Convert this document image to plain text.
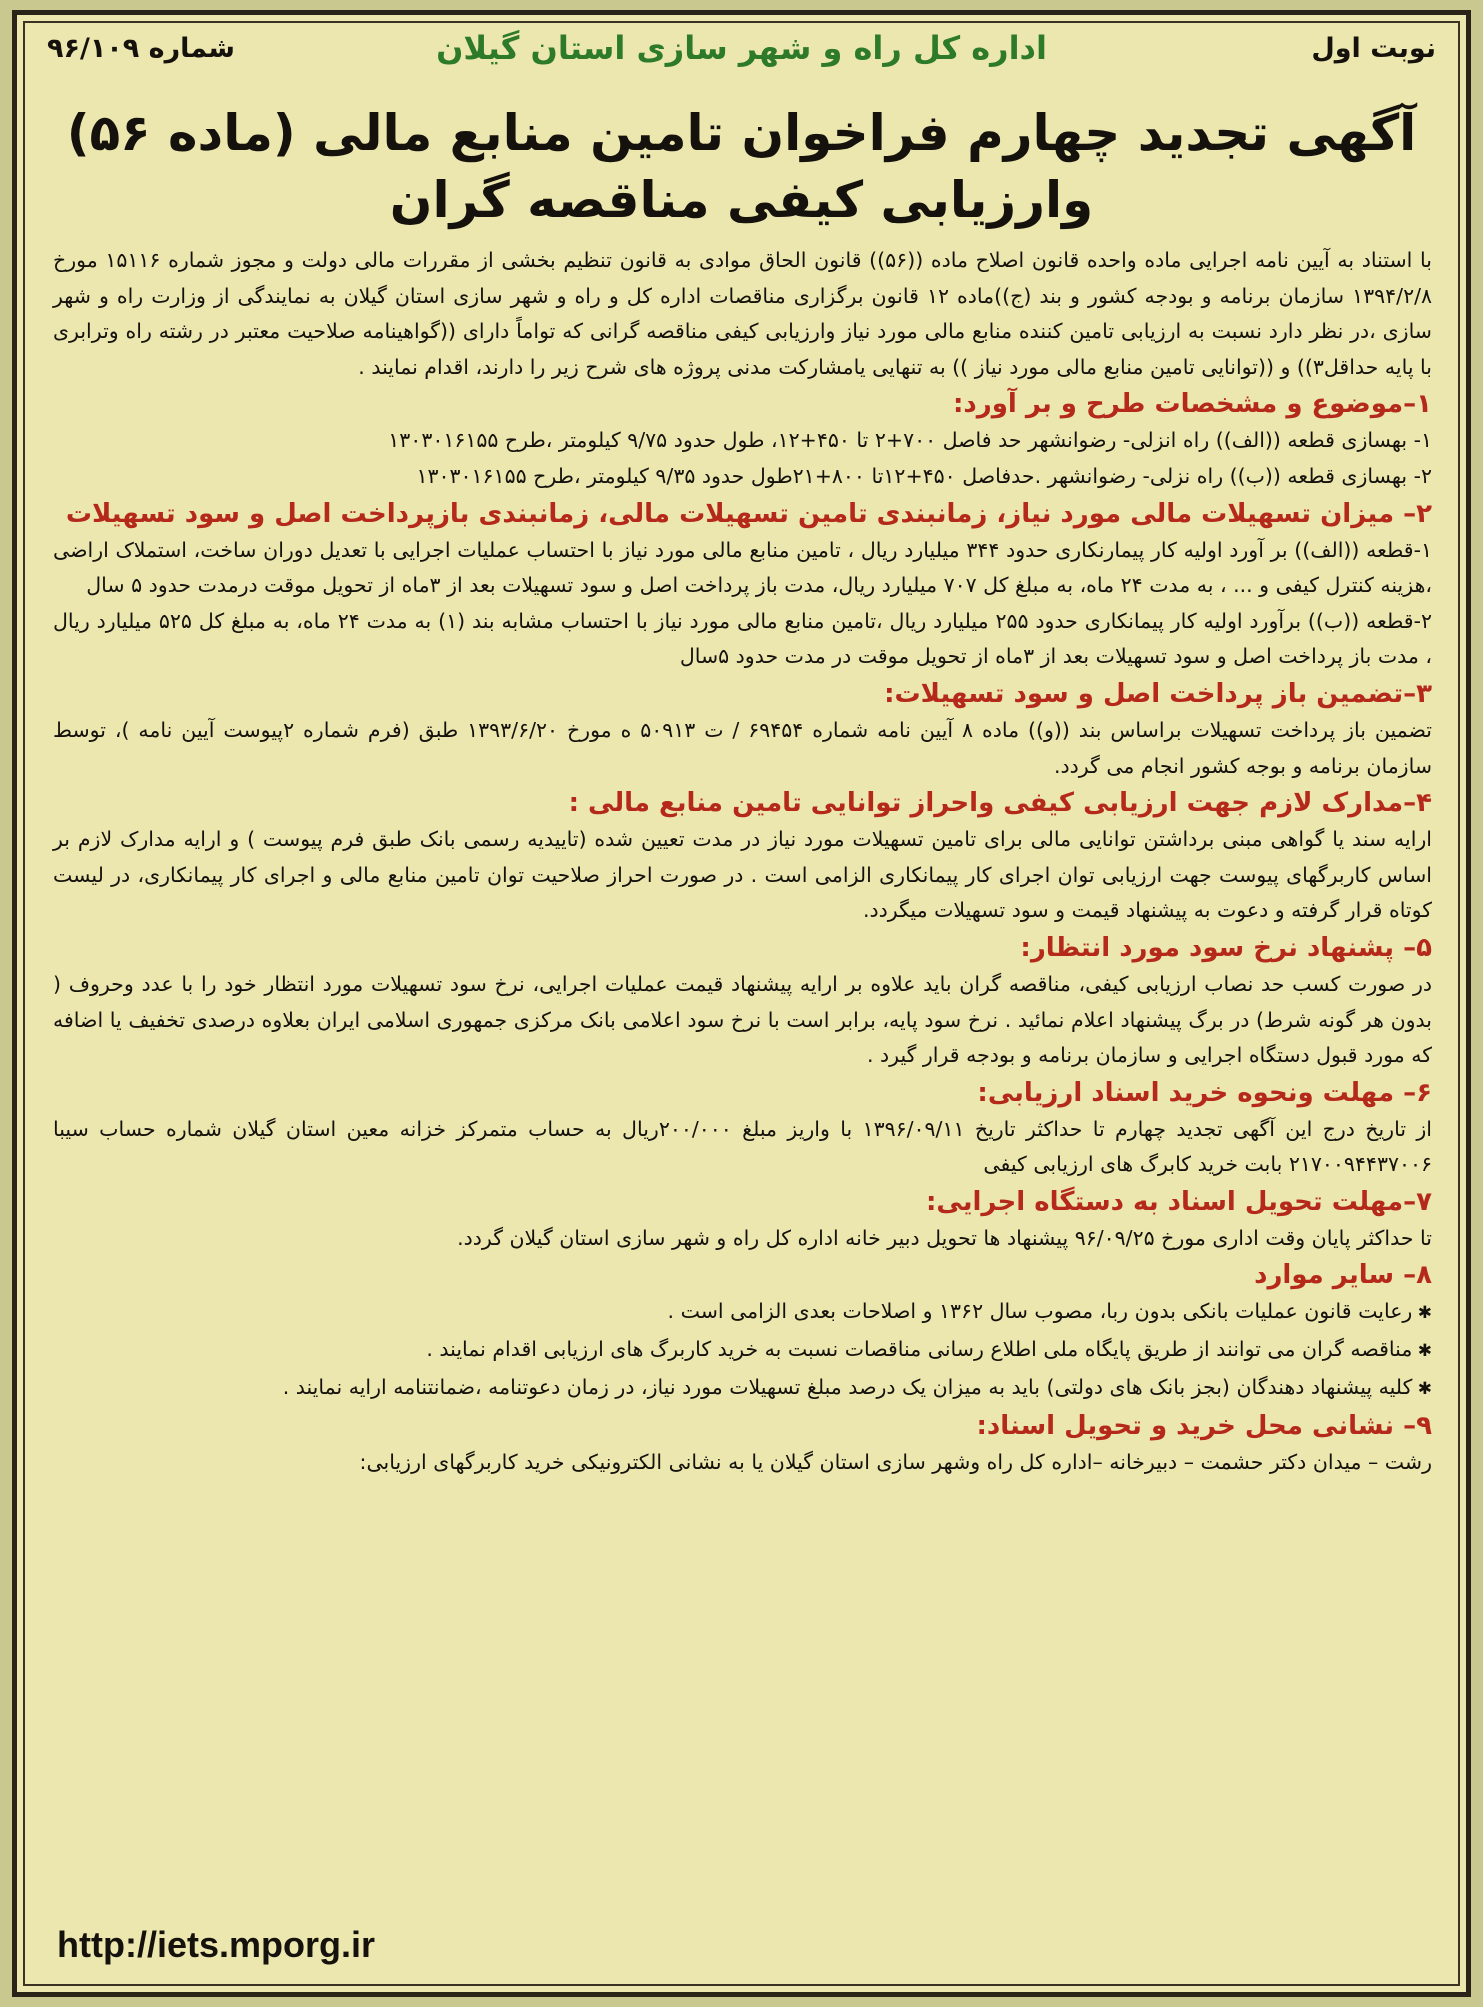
نوبت اول
اداره کل راه و شهر سازی استان گیلان
شماره ۹۶/۱۰۹
آگهی تجدید چهارم فراخوان تامین منابع مالی (ماده ۵۶)
وارزیابی کیفی مناقصه گران

با استناد به آیین نامه اجرایی ماده واحده قانون اصلاح ماده ((۵۶)) قانون الحاق موادی به قانون تنظیم بخشی از مقررات مالی دولت و مجوز شماره ۱۵۱۱۶ مورخ ۱۳۹۴/۲/۸ سازمان برنامه و بودجه کشور و بند (ج))ماده ۱۲ قانون برگزاری مناقصات اداره کل و راه و شهر سازی استان گیلان به نمایندگی از وزارت راه و شهر سازی ،در نظر دارد نسبت به ارزیابی تامین کننده منابع مالی مورد نیاز وارزیابی کیفی مناقصه گرانی که تواماً دارای ((گواهینامه صلاحیت معتبر در رشته راه وترابری با پایه حداقل۳)) و ((توانایی تامین منابع مالی مورد نیاز )) به تنهایی یامشارکت مدنی پروژه های شرح زیر را دارند، اقدام نمایند .

۱–موضوع و مشخصات طرح و بر آورد:

۱- بهسازی قطعه ((الف)) راه انزلی- رضوانشهر حد فاصل ۷۰۰+۲ تا ۴۵۰+۱۲، طول حدود ۹/۷۵ کیلومتر ،طرح ۱۳۰۳۰۱۶۱۵۵

۲- بهسازی قطعه ((ب)) راه نزلی- رضوانشهر .حدفاصل ۴۵۰+۱۲تا ۸۰۰+۲۱طول حدود ۹/۳۵ کیلومتر ،طرح ۱۳۰۳۰۱۶۱۵۵

۲– میزان تسهیلات مالی مورد نیاز، زمانبندی تامین تسهیلات مالی، زمانبندی بازپرداخت اصل و سود تسهیلات

۱-قطعه ((الف)) بر آورد اولیه کار پیمارنکاری حدود ۳۴۴ میلیارد ریال ، تامین منابع مالی مورد نیاز با احتساب عملیات اجرایی با تعدیل دوران ساخت، استملاک اراضی ،هزینه کنترل کیفی و ... ، به مدت ۲۴ ماه، به مبلغ کل ۷۰۷ میلیارد ریال، مدت باز پرداخت اصل و سود تسهیلات بعد از ۳ماه از تحویل موقت درمدت حدود ۵ سال

۲-قطعه ((ب)) برآورد اولیه کار پیمانکاری حدود ۲۵۵ میلیارد ریال ،تامین منابع مالی مورد نیاز با احتساب مشابه بند (۱) به مدت ۲۴ ماه، به مبلغ کل ۵۲۵ میلیارد ریال ، مدت باز پرداخت اصل و سود تسهیلات بعد از ۳ماه از تحویل موقت در مدت حدود ۵سال

۳–تضمین باز پرداخت اصل و سود تسهیلات:

تضمین باز پرداخت تسهیلات براساس بند ((و)) ماده ۸ آیین نامه شماره ۶۹۴۵۴ / ت ۵۰۹۱۳ ه مورخ ۱۳۹۳/۶/۲۰ طبق (فرم شماره ۲پیوست آیین نامه )، توسط سازمان برنامه و بوجه کشور انجام می گردد.

۴–مدارک لازم جهت ارزیابی کیفی واحراز توانایی تامین منابع مالی :

ارایه سند یا گواهی مبنی برداشتن توانایی مالی برای تامین تسهیلات مورد نیاز در مدت تعیین شده (تاییدیه رسمی بانک طبق فرم پیوست ) و ارایه مدارک لازم بر اساس کاربرگهای پیوست جهت ارزیابی توان اجرای کار پیمانکاری الزامی است . در صورت احراز صلاحیت توان تامین منابع مالی و اجرای کار پیمانکاری، در لیست کوتاه قرار گرفته و دعوت به پیشنهاد قیمت و سود تسهیلات میگردد.

۵– پشنهاد نرخ سود مورد انتظار:

در صورت کسب حد نصاب ارزیابی کیفی، مناقصه گران باید علاوه بر ارایه پیشنهاد قیمت عملیات اجرایی، نرخ سود تسهیلات مورد انتظار خود را با عدد وحروف ( بدون هر گونه شرط) در برگ پیشنهاد اعلام نمائید . نرخ سود پایه، برابر است با نرخ سود اعلامی بانک مرکزی جمهوری اسلامی ایران بعلاوه درصدی تخفیف یا اضافه که مورد قبول دستگاه اجرایی و سازمان برنامه و بودجه قرار گیرد .

۶– مهلت ونحوه خرید اسناد ارزیابی:

از تاریخ درج این آگهی تجدید چهارم تا حداکثر تاریخ ۱۳۹۶/۰۹/۱۱ با واریز مبلغ ۲۰۰/۰۰۰ریال به حساب متمرکز خزانه معین استان گیلان شماره حساب سیبا ۲۱۷۰۰۹۴۴۳۷۰۰۶ بابت خرید کابرگ های ارزیابی کیفی

۷–مهلت تحویل اسناد به دستگاه اجرایی:

تا حداکثر پایان وقت اداری مورخ ۹۶/۰۹/۲۵ پیشنهاد ها تحویل دبیر خانه اداره کل راه و شهر سازی استان گیلان گردد.

۸– سایر موارد

✱ رعایت قانون عملیات بانکی بدون ربا، مصوب سال ۱۳۶۲ و اصلاحات بعدی الزامی است .

✱ مناقصه گران می توانند از طریق پایگاه ملی اطلاع رسانی مناقصات نسبت به خرید کاربرگ های ارزیابی اقدام نمایند .

✱ کلیه پیشنهاد دهندگان (بجز بانک های دولتی) باید به میزان یک درصد مبلغ تسهیلات مورد نیاز، در زمان دعوتنامه ،ضمانتنامه ارایه نمایند .

۹– نشانی محل خرید و تحویل اسناد:

رشت – میدان دکتر حشمت – دبیرخانه –اداره کل راه وشهر سازی استان گیلان یا به نشانی الکترونیکی خرید کاربرگهای ارزیابی:

http://iets.mporg.ir
